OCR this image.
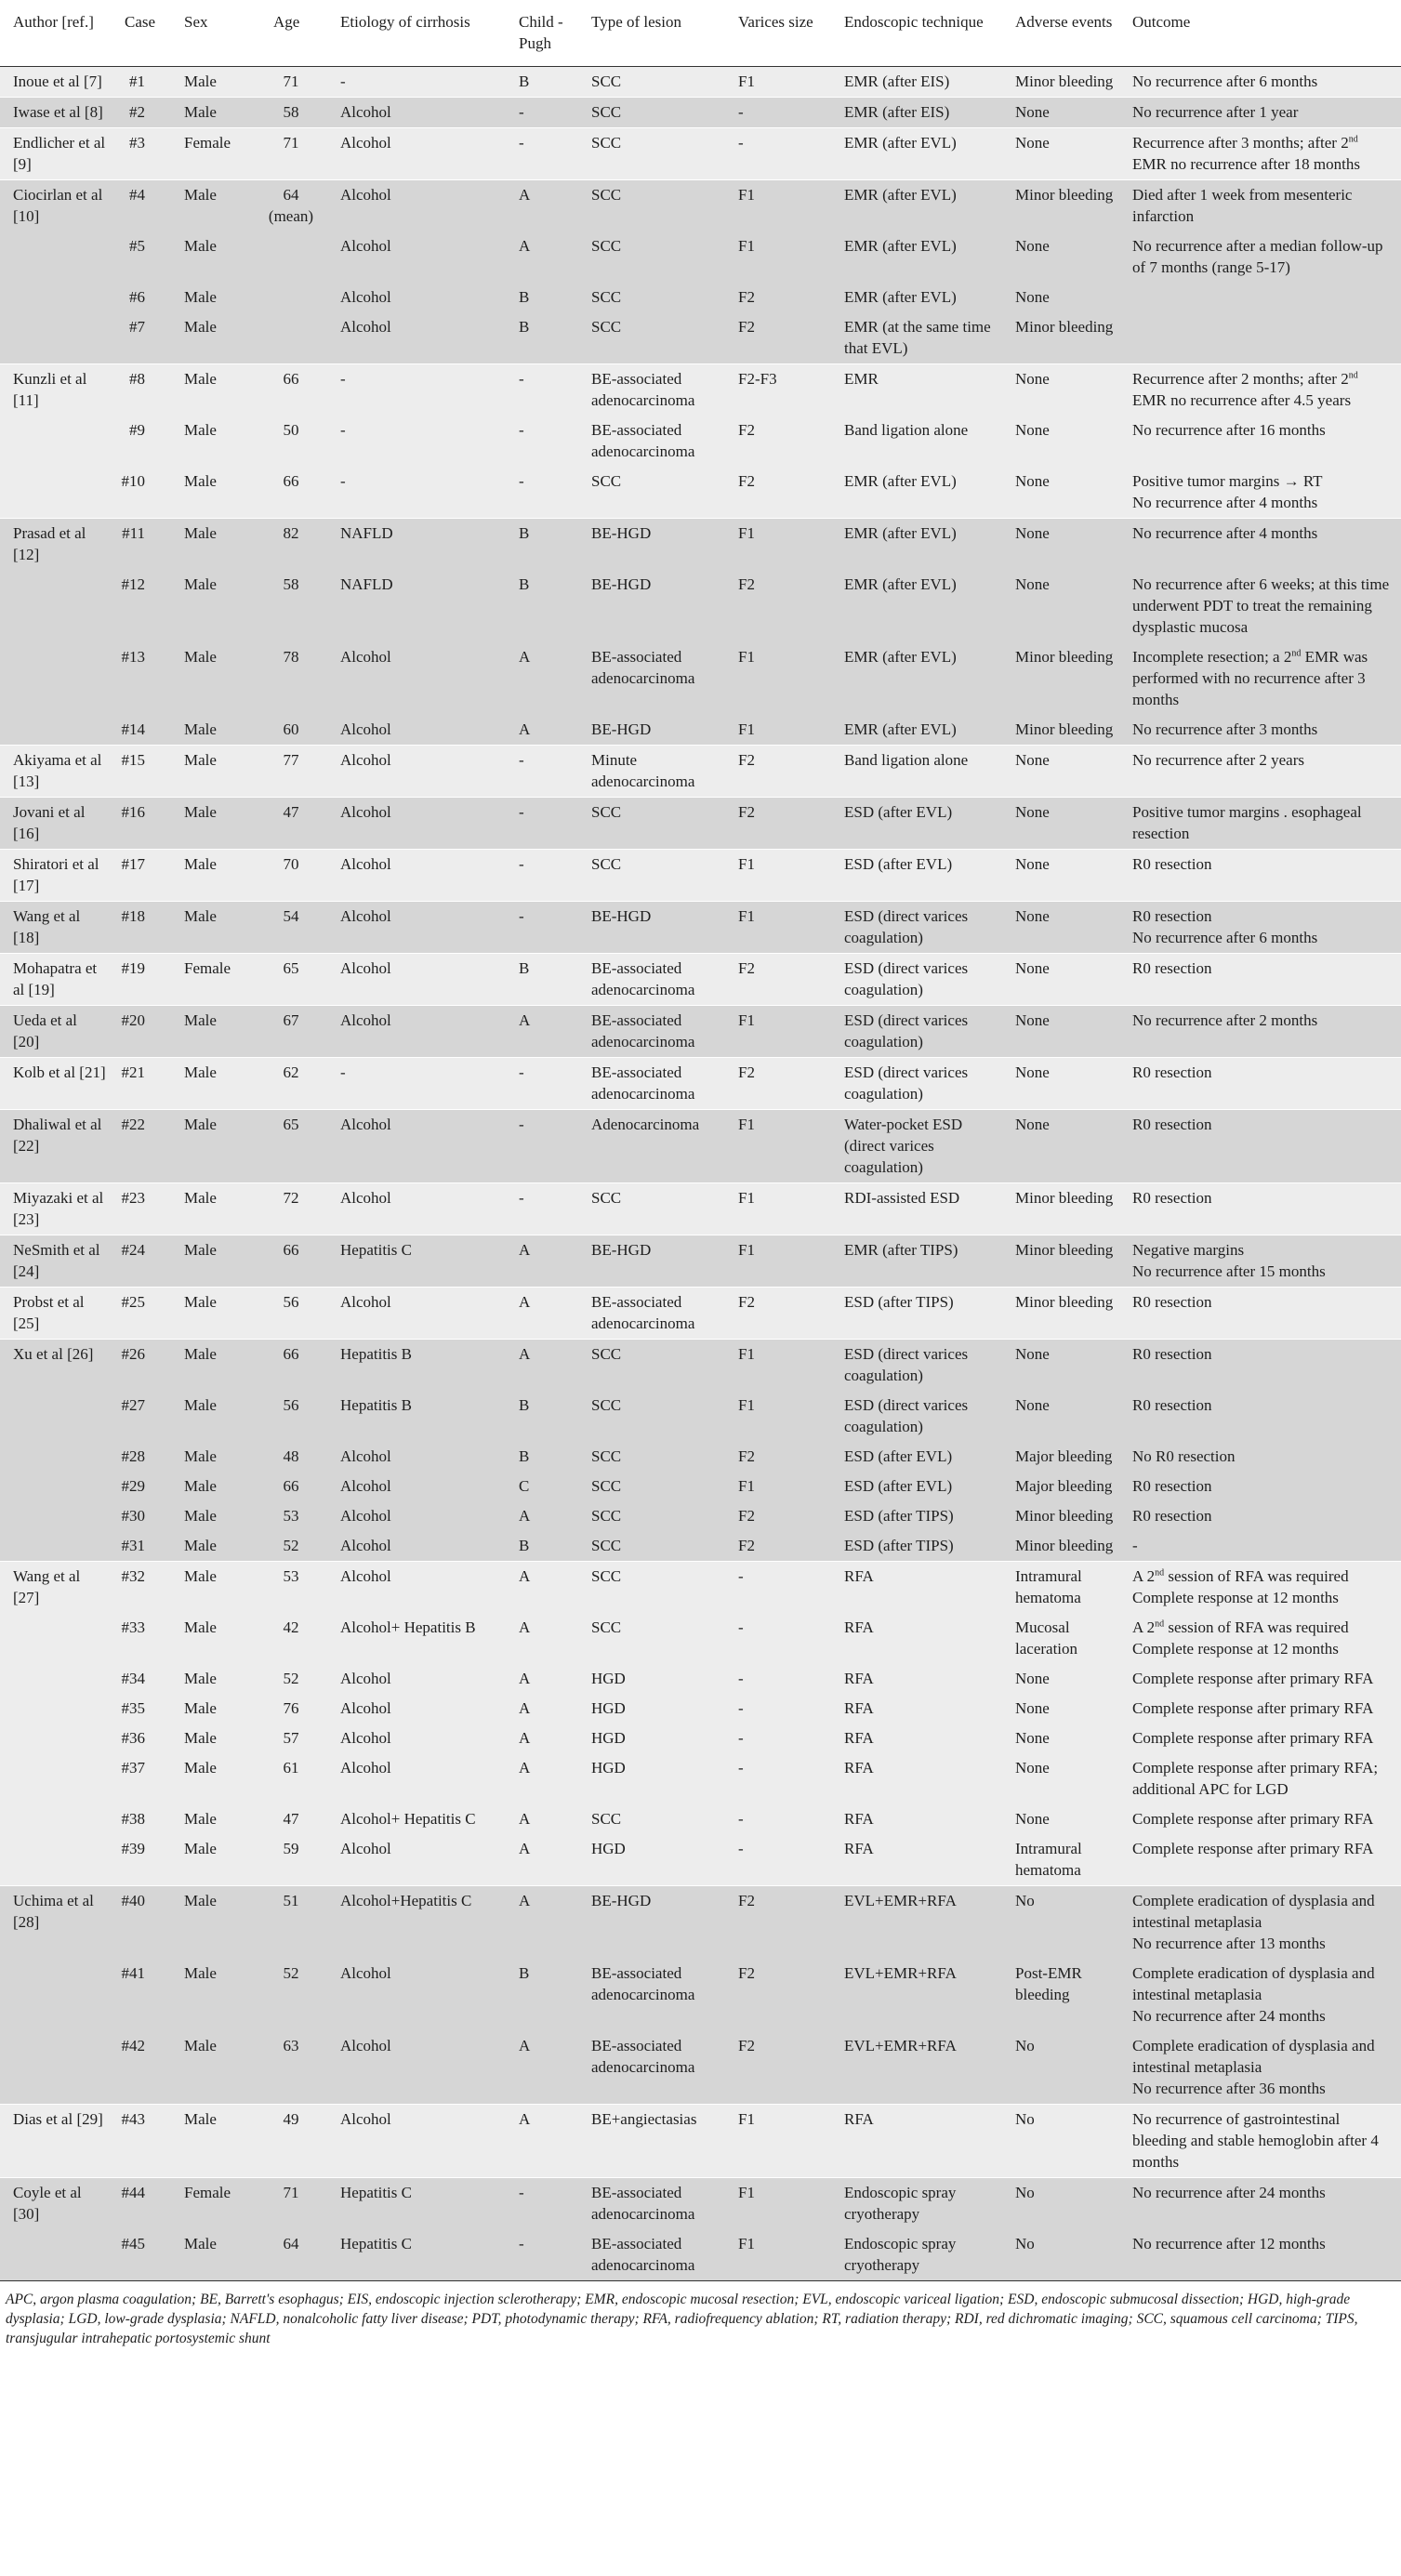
Author [ref.]	Case	Sex	Age	Etiology of cirrhosis	Child -Pugh	Type of lesion	Varices size	Endoscopic technique	Adverse events	Outcome
Inoue et al [7]	#1	Male	71	-	B	SCC	F1	EMR (after EIS)	Minor bleeding	No recurrence after 6 months
Iwase et al [8]	#2	Male	58	Alcohol	-	SCC	-	EMR (after EIS)	None	No recurrence after 1 year
Endlicher et al [9]	#3	Female	71	Alcohol	-	SCC	-	EMR (after EVL)	None	Recurrence after 3 months; after 2nd EMR no recurrence after 18 months
Ciocirlan et al [10]	#4	Male	64 (mean)	Alcohol	A	SCC	F1	EMR (after EVL)	Minor bleeding	Died after 1 week from mesenteric infarction
	#5	Male		Alcohol	A	SCC	F1	EMR (after EVL)	None	No recurrence after a median follow-up of 7 months (range 5-17)
	#6	Male		Alcohol	B	SCC	F2	EMR (after EVL)	None	
	#7	Male		Alcohol	B	SCC	F2	EMR (at the same time that EVL)	Minor bleeding	
Kunzli et al [11]	#8	Male	66	-	-	BE-associated adenocarcinoma	F2-F3	EMR	None	Recurrence after 2 months; after 2nd EMR no recurrence after 4.5 years
	#9	Male	50	-	-	BE-associated adenocarcinoma	F2	Band ligation alone	None	No recurrence after 16 months
	#10	Male	66	-	-	SCC	F2	EMR (after EVL)	None	Positive tumor margins → RT
No recurrence after 4 months
Prasad et al [12]	#11	Male	82	NAFLD	B	BE-HGD	F1	EMR (after EVL)	None	No recurrence after 4 months
	#12	Male	58	NAFLD	B	BE-HGD	F2	EMR (after EVL)	None	No recurrence after 6 weeks; at this time underwent PDT to treat the remaining dysplastic mucosa
	#13	Male	78	Alcohol	A	BE-associated adenocarcinoma	F1	EMR (after EVL)	Minor bleeding	Incomplete resection; a 2nd EMR was performed with no recurrence after 3 months
	#14	Male	60	Alcohol	A	BE-HGD	F1	EMR (after EVL)	Minor bleeding	No recurrence after 3 months
Akiyama et al [13]	#15	Male	77	Alcohol	-	Minute adenocarcinoma	F2	Band ligation alone	None	No recurrence after 2 years
Jovani et al [16]	#16	Male	47	Alcohol	-	SCC	F2	ESD (after EVL)	None	Positive tumor margins . esophageal resection
Shiratori et al [17]	#17	Male	70	Alcohol	-	SCC	F1	ESD (after EVL)	None	R0 resection
Wang et al [18]	#18	Male	54	Alcohol	-	BE-HGD	F1	ESD (direct varices coagulation)	None	R0 resection
No recurrence after 6 months
Mohapatra et al [19]	#19	Female	65	Alcohol	B	BE-associated adenocarcinoma	F2	ESD (direct varices coagulation)	None	R0 resection
Ueda et al [20]	#20	Male	67	Alcohol	A	BE-associated adenocarcinoma	F1	ESD (direct varices coagulation)	None	No recurrence after 2 months
Kolb et al [21]	#21	Male	62	-	-	BE-associated adenocarcinoma	F2	ESD (direct varices coagulation)	None	R0 resection
Dhaliwal et al [22]	#22	Male	65	Alcohol	-	Adenocarcinoma	F1	Water-pocket ESD (direct varices coagulation)	None	R0 resection
Miyazaki et al [23]	#23	Male	72	Alcohol	-	SCC	F1	RDI-assisted ESD	Minor bleeding	R0 resection
NeSmith et al [24]	#24	Male	66	Hepatitis C	A	BE-HGD	F1	EMR (after TIPS)	Minor bleeding	Negative margins
No recurrence after 15 months
Probst et al [25]	#25	Male	56	Alcohol	A	BE-associated adenocarcinoma	F2	ESD (after TIPS)	Minor bleeding	R0 resection
Xu et al [26]	#26	Male	66	Hepatitis B	A	SCC	F1	ESD (direct varices coagulation)	None	R0 resection
	#27	Male	56	Hepatitis B	B	SCC	F1	ESD (direct varices coagulation)	None	R0 resection
	#28	Male	48	Alcohol	B	SCC	F2	ESD (after EVL)	Major bleeding	No R0 resection
	#29	Male	66	Alcohol	C	SCC	F1	ESD (after EVL)	Major bleeding	R0 resection
	#30	Male	53	Alcohol	A	SCC	F2	ESD (after TIPS)	Minor bleeding	R0 resection
	#31	Male	52	Alcohol	B	SCC	F2	ESD (after TIPS)	Minor bleeding	-
Wang et al [27]	#32	Male	53	Alcohol	A	SCC	-	RFA	Intramural hematoma	A 2nd session of RFA was required
Complete response at 12 months
	#33	Male	42	Alcohol+ Hepatitis B	A	SCC	-	RFA	Mucosal laceration	A 2nd session of RFA was required
Complete response at 12 months
	#34	Male	52	Alcohol	A	HGD	-	RFA	None	Complete response after primary RFA
	#35	Male	76	Alcohol	A	HGD	-	RFA	None	Complete response after primary RFA
	#36	Male	57	Alcohol	A	HGD	-	RFA	None	Complete response after primary RFA
	#37	Male	61	Alcohol	A	HGD	-	RFA	None	Complete response after primary RFA; additional APC for LGD
	#38	Male	47	Alcohol+ Hepatitis C	A	SCC	-	RFA	None	Complete response after primary RFA
	#39	Male	59	Alcohol	A	HGD	-	RFA	Intramural hematoma	Complete response after primary RFA
Uchima et al [28]	#40	Male	51	Alcohol+Hepatitis C	A	BE-HGD	F2	EVL+EMR+RFA	No	Complete eradication of dysplasia and intestinal metaplasia
No recurrence after 13 months
	#41	Male	52	Alcohol	B	BE-associated adenocarcinoma	F2	EVL+EMR+RFA	Post-EMR bleeding	Complete eradication of dysplasia and intestinal metaplasia
No recurrence after 24 months
	#42	Male	63	Alcohol	A	BE-associated adenocarcinoma	F2	EVL+EMR+RFA	No	Complete eradication of dysplasia and intestinal metaplasia
No recurrence after 36 months
Dias et al [29]	#43	Male	49	Alcohol	A	BE+angiectasias	F1	RFA	No	No recurrence of gastrointestinal bleeding and stable hemoglobin after 4 months
Coyle et al [30]	#44	Female	71	Hepatitis C	-	BE-associated adenocarcinoma	F1	Endoscopic spray cryotherapy	No	No recurrence after 24 months
	#45	Male	64	Hepatitis C	-	BE-associated adenocarcinoma	F1	Endoscopic spray cryotherapy	No	No recurrence after 12 months
APC, argon plasma coagulation; BE, Barrett's esophagus; EIS, endoscopic injection sclerotherapy; EMR, endoscopic mucosal resection; EVL, endoscopic variceal ligation; ESD, endoscopic submucosal dissection; HGD, high-grade dysplasia; LGD, low-grade dysplasia; NAFLD, nonalcoholic fatty liver disease; PDT, photodynamic therapy; RFA, radiofrequency ablation; RT, radiation therapy; RDI, red dichromatic imaging; SCC, squamous cell carcinoma; TIPS, transjugular intrahepatic portosystemic shunt
